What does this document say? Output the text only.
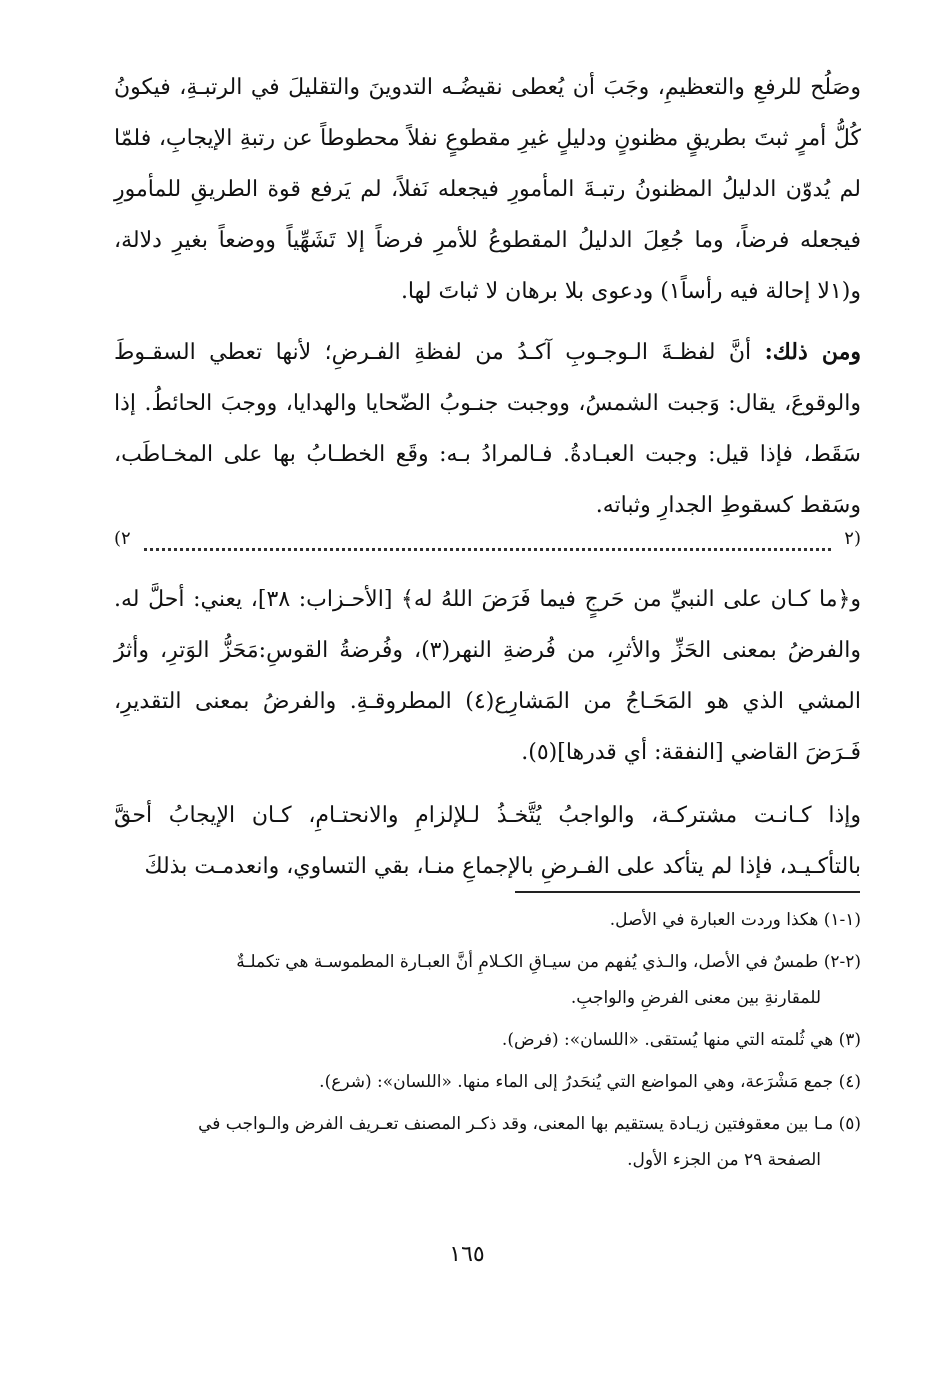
وصَلُح للرفعِ والتعظيمِ، وجَبَ أن يُعطى نقيضُـه التدوينَ والتقليلَ في الرتبـةِ، فيكونُ كُلُّ أمرٍ ثبتَ بطريقٍ مظنونٍ ودليلٍ غيرِ مقطوعٍ نفلاً محطوطاً عن رتبةِ الإيجابِ، فلمّا لم يُدوّن الدليلُ المظنونُ رتبـةَ المأمورِ فيجعله نَفلاً، لم يَرفع قوة الطريقِ للمأمورِ فيجعله فرضاً، وما جُعِلَ الدليلُ المقطوعُ للأمرِ فرضاً إلا تَشَهِّياً ووضعاً بغيرِ دلالة، و(١لا إحالة فيه رأساً١) ودعوى بلا برهان لا ثباتَ لها.

ومن ذلك: أنَّ لفظـةَ الـوجـوبِ آكـدُ من لفظةِ الفـرضِ؛ لأنها تعطي السقـوطَ والوقوعَ، يقال: وَجبت الشمسُ، ووجبت جنـوبُ الضّحايا والهدايا، ووجبَ الحائطُ. إذا سَقَط، فإذا قيل: وجبت العبـادةُ. فـالمرادُ بـه: وقَع الخطـابُ بها على المخـاطَب، وسَقط كسقوطِ الجدارِ وثباته.

(٢
٢)

و﴿ما كـان على النبيِّ من حَرجٍ فيما فَرَضَ اللهُ له﴾ [الأحـزاب: ٣٨]، يعني: أحلَّ له. والفرضُ بمعنى الحَزِّ والأثرِ، من فُرضةِ النهر(٣)، وفُرضةُ القوسِ:مَحَزُّ الوَترِ، وأثرُ المشي الذي هو المَحَـاجُ من المَشارِع(٤) المطروقـةِ. والفرضُ بمعنى التقديرِ، فَـرَضَ القاضي [النفقة: أي قدرها](٥).

وإذا كـانـت مشتركـة، والواجبُ يُتَّخـذُ لـلإلزامِ والانحتـامِ، كـان الإيجابُ أحقَّ بالتأكـيـد، فإذا لم يتأكد على الفـرضِ بالإجماعِ منـا، بقي التساوي، وانعدمـت بذلكَ

(١-١) هكذا وردت العبارة في الأصل.
(٢-٢) طمسٌ في الأصل، والـذي يُفهم من سيـاقِ الكـلامِ أنَّ العبـارة المطموسـة هي تكملـةٌ
للمقارنةِ بين معنى الفرضِ والواجبِ.
(٣) هي ثُلمته التي منها يُستقى. «اللسان»: (فرض).
(٤) جمع مَشْرَعة، وهي المواضع التي يُنحَدرُ إلى الماء منها. «اللسان»: (شرع).
(٥) مـا بين معقوفتين زيـادة يستقيم بها المعنى، وقد ذكـر المصنف تعـريف الفرض والـواجب في
الصفحة ٢٩ من الجزء الأول.
١٦٥
